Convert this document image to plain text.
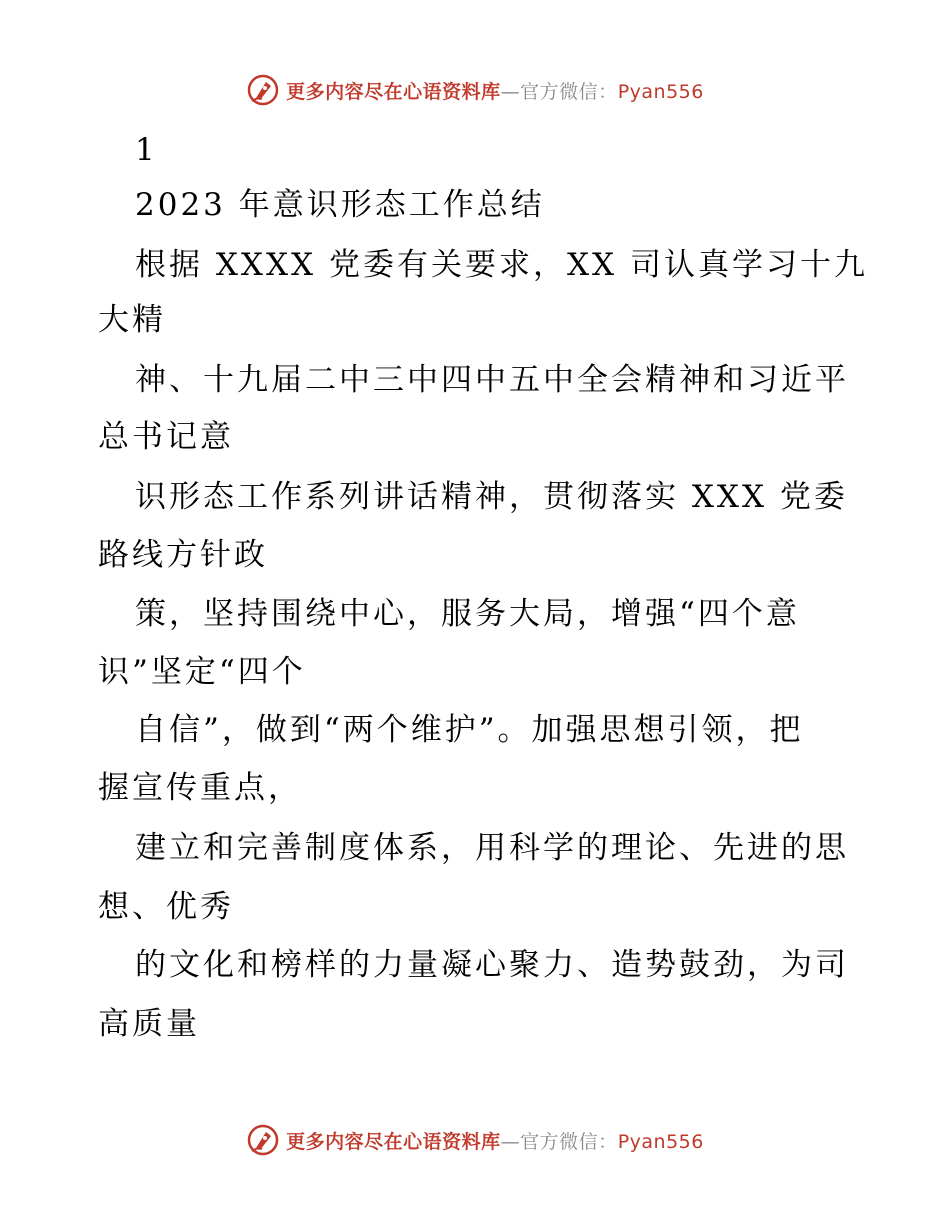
更多内容尽在心语资料库—官方微信：Pyan556
1
2023 年意识形态工作总结
根据 XXXX 党委有关要求，XX 司认真学习十九
大精
神、十九届二中三中四中五中全会精神和习近平
总书记意
识形态工作系列讲话精神，贯彻落实 XXX 党委
路线方针政
策，坚持围绕中心，服务大局，增强“四个意
识”坚定“四个
自信”，做到“两个维护”。加强思想引领，把
握宣传重点，
建立和完善制度体系，用科学的理论、先进的思
想、优秀
的文化和榜样的力量凝心聚力、造势鼓劲，为司
高质量
更多内容尽在心语资料库—官方微信：Pyan556
